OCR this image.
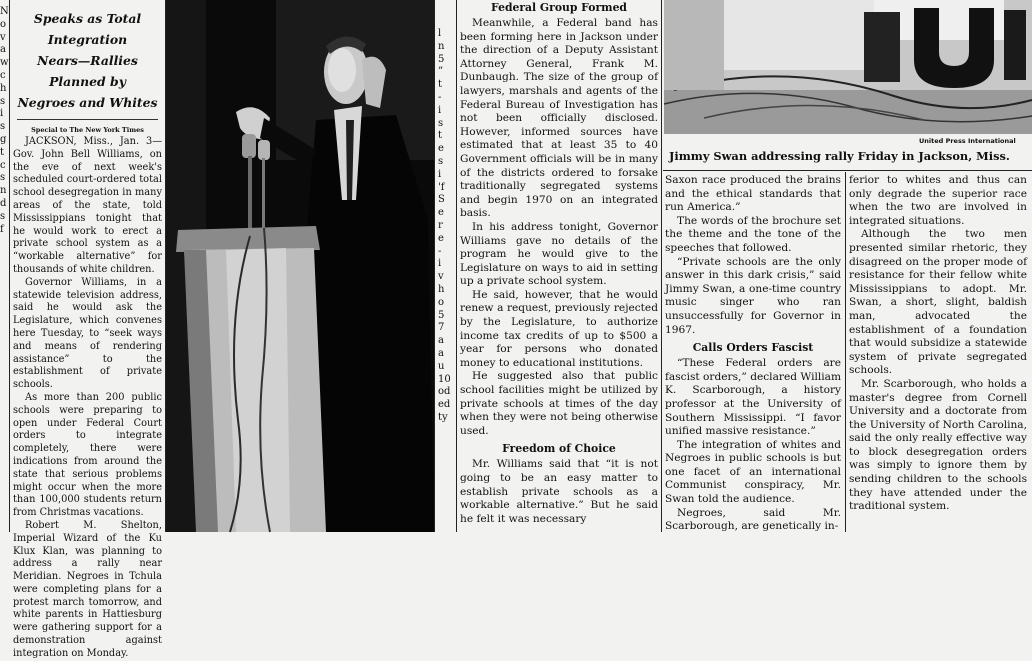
Speaks as Total Integration
Nears—Rallies Planned by
Negroes and Whites
Special to The New York Times

JACKSON, Miss., Jan. 3—Gov. John Bell Williams, on the eve of next week's scheduled court-ordered total school desegregation in many areas of the state, told Mississippians tonight that he would work to erect a private school system as a “workable alternative” for thousands of white children.

Governor Williams, in a statewide television address, said he would ask the Legislature, which convenes here Tuesday, to “seek ways and means of rendering assistance” to the establishment of private schools.

As more than 200 public schools were preparing to open under Federal Court orders to integrate completely, there were indications from around the state that serious problems might occur when the more than 100,000 students return from Christmas vacations.

Robert M. Shelton, Imperial Wizard of the Ku Klux Klan, was planning to address a rally near Meridian. Negroes in Tchula were completing plans for a protest march tomorrow, and white parents in Hattiesburg were gathering support for a demonstration against integration on Monday.

N
o
v
a
w
c
h
s
i
s
g
t
c
s
n
d
s
f
l
n
5
”
t
-
i
s
t
e
s
i
'f
S
e
r
e
-
i
v
h
o
5
7
a
a
u
10
od
ed
ty
Federal Group Formed

Meanwhile, a Federal band has been forming here in Jackson under the direction of a Deputy Assistant Attorney General, Frank M. Dunbaugh. The size of the group of lawyers, marshals and agents of the Federal Bureau of Investigation has not been officially disclosed. However, informed sources have estimated that at least 35 to 40 Government officials will be in many of the districts ordered to forsake traditionally segregated systems and begin 1970 on an integrated basis.

In his address tonight, Governor Williams gave no details of the program he would give to the Legislature on ways to aid in setting up a private school system.

He said, however, that he would renew a request, previously rejected by the Legislature, to authorize income tax credits of up to $500 a year for persons who donated money to educational institutions.

He suggested also that public school facilities might be utilized by private schools at times of the day when they were not being otherwise used.

Freedom of Choice

Mr. Williams said that “it is not going to be an easy matter to establish private schools as a workable alternative.” But he said he felt it was necessary

United Press International
Jimmy Swan addressing rally Friday in Jackson, Miss.

Saxon race produced the brains and the ethical standards that run America.”

The words of the brochure set the theme and the tone of the speeches that followed.

“Private schools are the only answer in this dark crisis,” said Jimmy Swan, a one-time country music singer who ran unsuccessfully for Governor in 1967.

Calls Orders Fascist

“These Federal orders are fascist orders,” declared William K. Scarborough, a history professor at the University of Southern Mississippi. “I favor unified massive resistance.”

The integration of whites and Negroes in public schools is but one facet of an international Communist conspiracy, Mr. Swan told the audience.

Negroes, said Mr. Scarborough, are genetically in-

ferior to whites and thus can only degrade the superior race when the two are involved in integrated situations.

Although the two men presented similar rhetoric, they disagreed on the proper mode of resistance for their fellow white Mississippians to adopt. Mr. Swan, a short, slight, baldish man, advocated the establishment of a foundation that would subsidize a statewide system of private segregated schools.

Mr. Scarborough, who holds a master's degree from Cornell University and a doctorate from the University of North Carolina, said the only really effective way to block desegregation orders was simply to ignore them by sending children to the schools they have attended under the traditional system.
